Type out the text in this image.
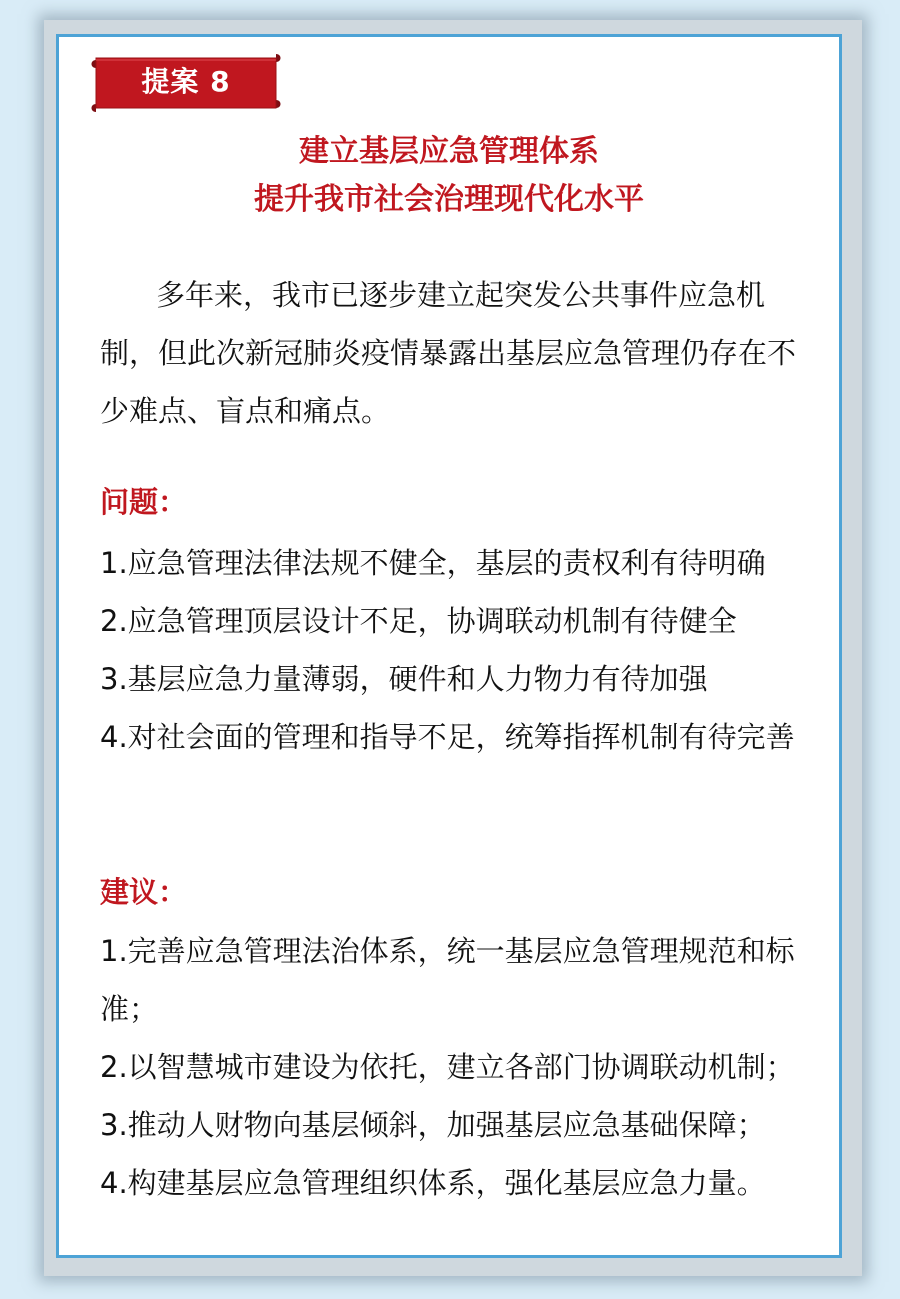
提案 8
建立基层应急管理体系
提升我市社会治理现代化水平
多年来，我市已逐步建立起突发公共事件应急机制，但此次新冠肺炎疫情暴露出基层应急管理仍存在不少难点、盲点和痛点。
问题：
1.应急管理法律法规不健全，基层的责权利有待明确
2.应急管理顶层设计不足，协调联动机制有待健全
3.基层应急力量薄弱，硬件和人力物力有待加强
4.对社会面的管理和指导不足，统筹指挥机制有待完善
建议：
1.完善应急管理法治体系，统一基层应急管理规范和标准；
2.以智慧城市建设为依托，建立各部门协调联动机制；
3.推动人财物向基层倾斜，加强基层应急基础保障；
4.构建基层应急管理组织体系，强化基层应急力量。
